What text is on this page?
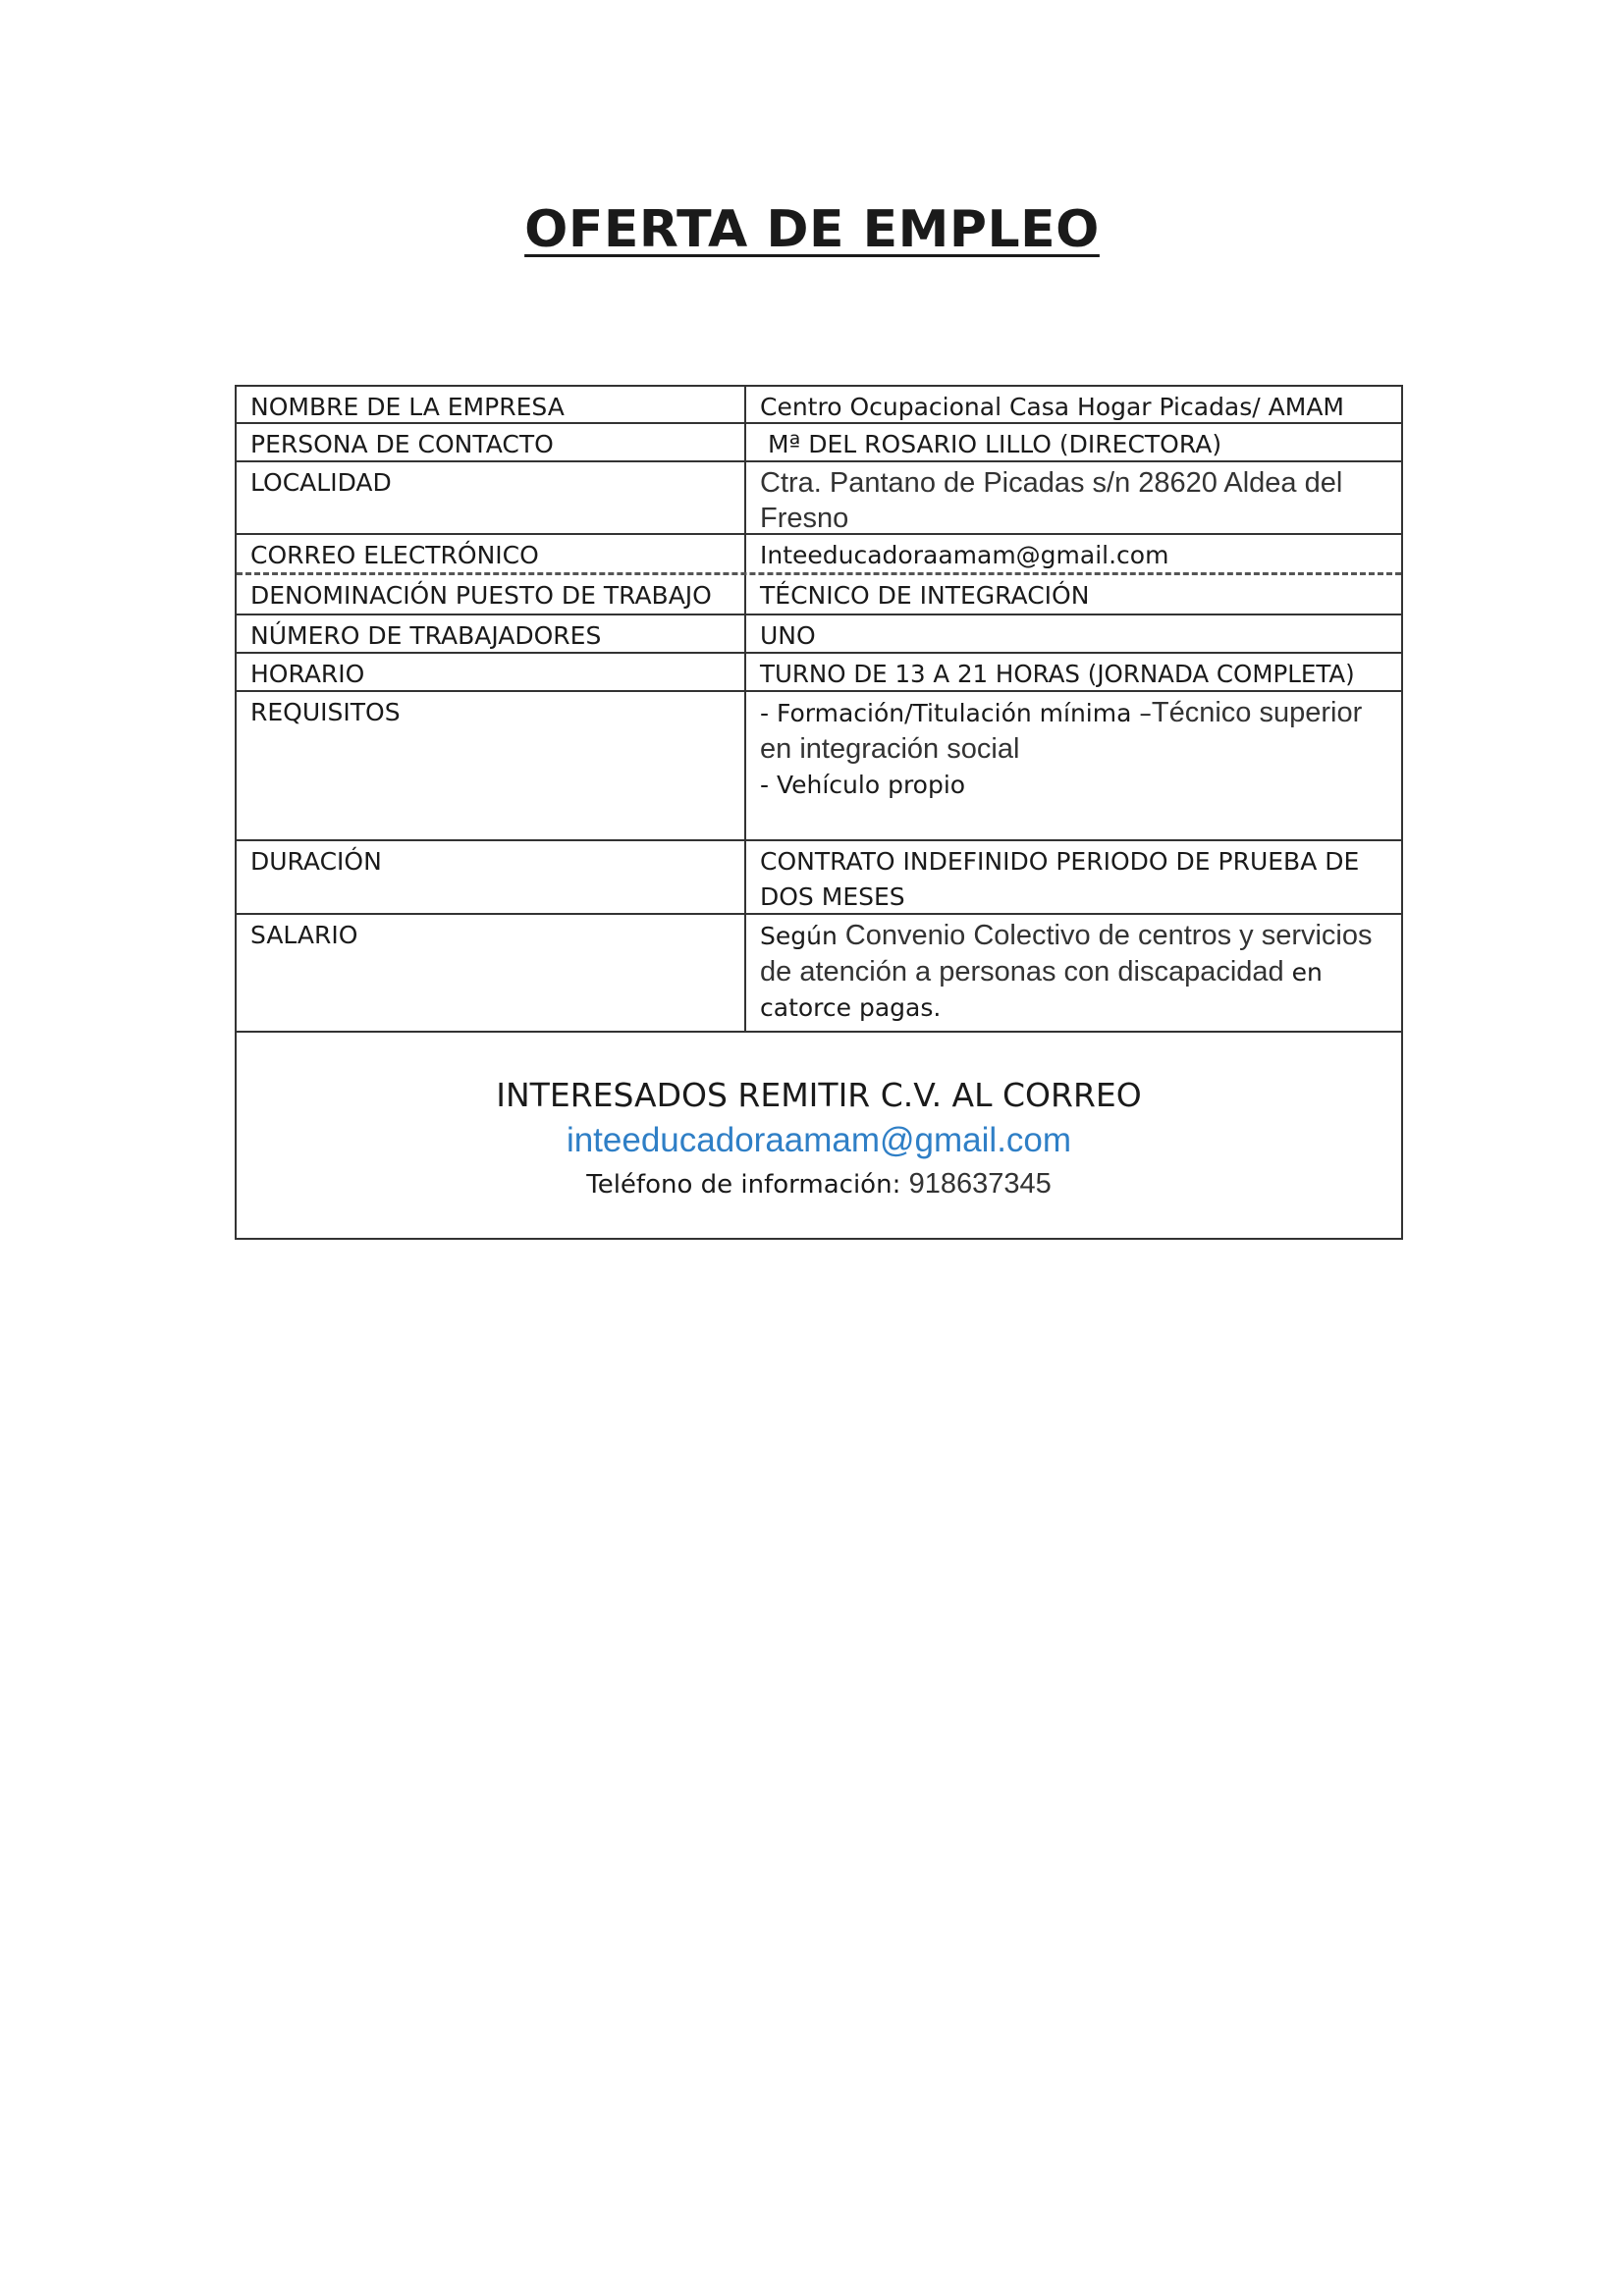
OFERTA DE EMPLEO
NOMBRE DE LA EMPRESA	Centro Ocupacional Casa Hogar Picadas/ AMAM
PERSONA DE CONTACTO	Mª DEL ROSARIO LILLO (DIRECTORA)
LOCALIDAD	Ctra. Pantano de Picadas s/n 28620 Aldea del Fresno
CORREO ELECTRÓNICO	Inteeducadoraamam@gmail.com
DENOMINACIÓN PUESTO DE TRABAJO	TÉCNICO DE INTEGRACIÓN
NÚMERO DE TRABAJADORES	UNO
HORARIO	TURNO DE 13 A 21 HORAS (JORNADA COMPLETA)
REQUISITOS	- Formación/Titulación mínima –Técnico superior en integración social
- Vehículo propio
DURACIÓN	CONTRATO INDEFINIDO PERIODO DE PRUEBA DE DOS MESES
SALARIO	Según Convenio Colectivo de centros y servicios de atención a personas con discapacidad en catorce pagas.
INTERESADOS REMITIR C.V. AL CORREO
inteeducadoraamam@gmail.com
Teléfono de información: 918637345
